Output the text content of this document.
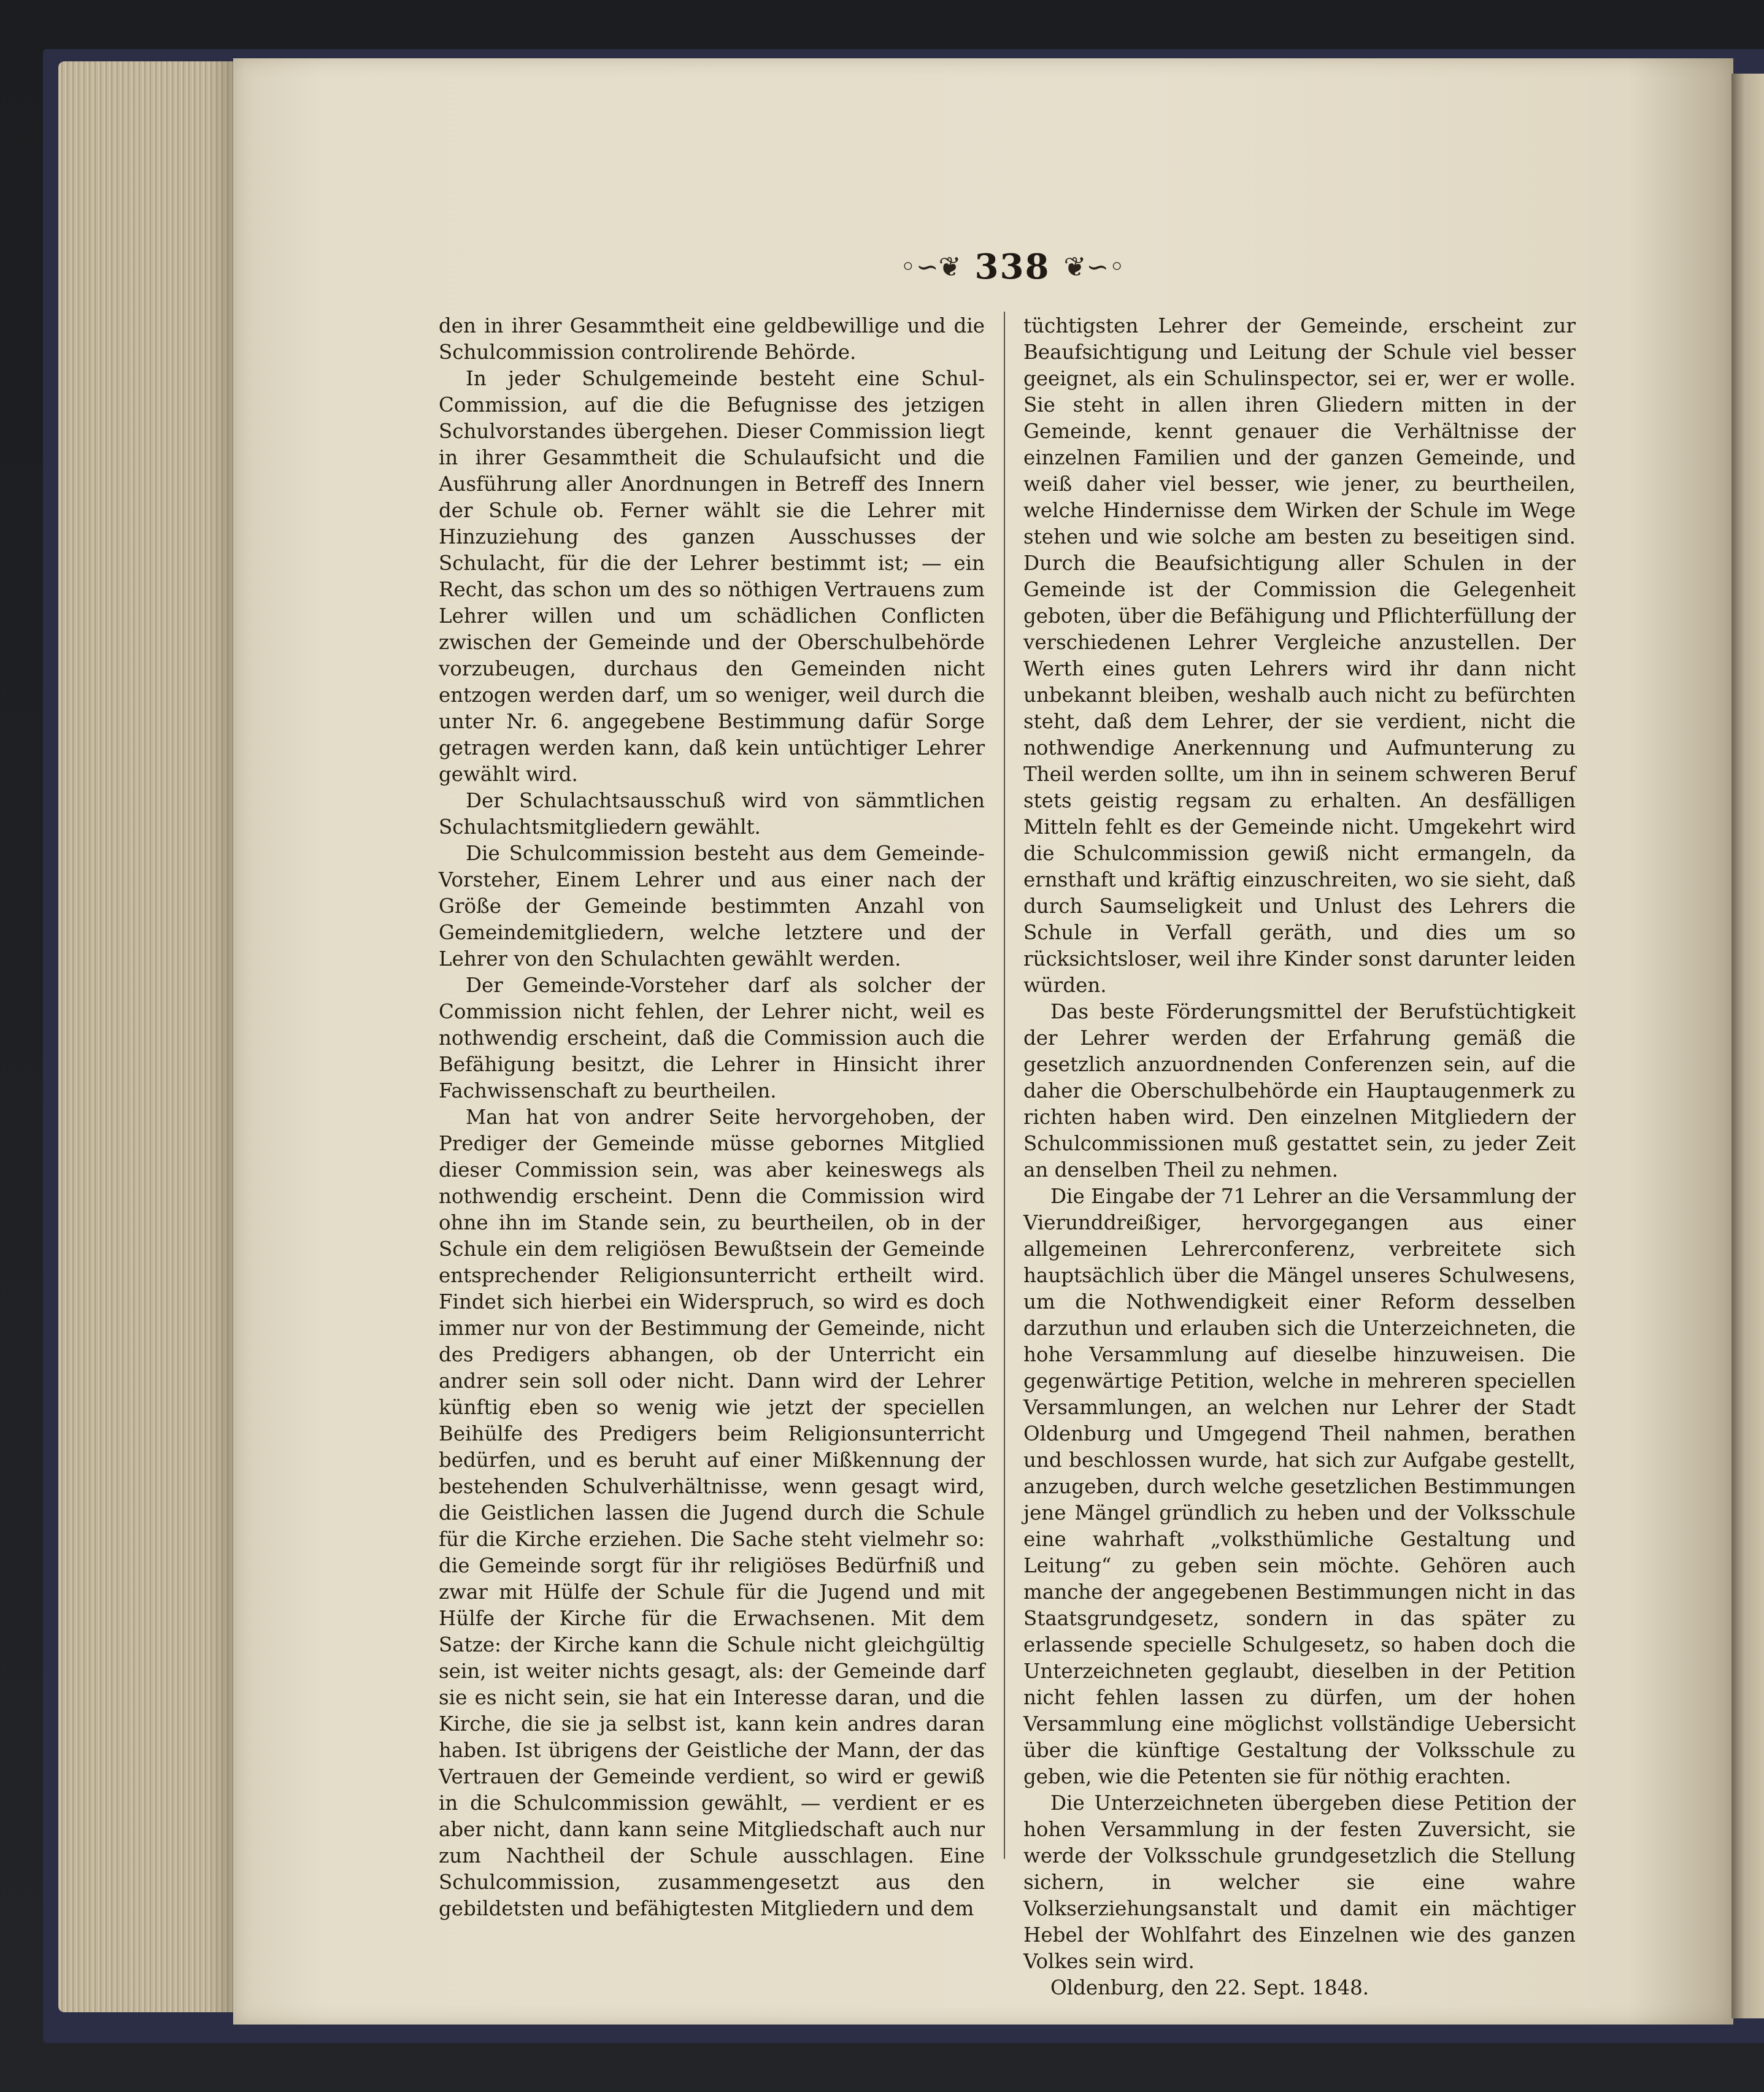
◦∽❦ 338 ❦∽◦

den in ihrer Gesammtheit eine geldbewillige und die Schulcommission controlirende Behörde.

In jeder Schulgemeinde besteht eine Schul-Commission, auf die die Befugnisse des jetzigen Schulvorstandes übergehen. Dieser Commission liegt in ihrer Gesammtheit die Schulaufsicht und die Ausführung aller Anordnungen in Betreff des Innern der Schule ob. Ferner wählt sie die Lehrer mit Hinzuziehung des ganzen Ausschusses der Schulacht, für die der Lehrer bestimmt ist; — ein Recht, das schon um des so nöthigen Vertrauens zum Lehrer willen und um schädlichen Conflicten zwischen der Gemeinde und der Oberschulbehörde vorzubeugen, durchaus den Gemeinden nicht entzogen werden darf, um so weniger, weil durch die unter Nr. 6. angegebene Bestimmung dafür Sorge getragen werden kann, daß kein untüchtiger Lehrer gewählt wird.

Der Schulachtsausschuß wird von sämmtlichen Schulachtsmitgliedern gewählt.

Die Schulcommission besteht aus dem Gemeinde-Vorsteher, Einem Lehrer und aus einer nach der Größe der Gemeinde bestimmten Anzahl von Gemeindemitgliedern, welche letztere und der Lehrer von den Schulachten gewählt werden.

Der Gemeinde-Vorsteher darf als solcher der Commission nicht fehlen, der Lehrer nicht, weil es nothwendig erscheint, daß die Commission auch die Befähigung besitzt, die Lehrer in Hinsicht ihrer Fachwissenschaft zu beurtheilen.

Man hat von andrer Seite hervorgehoben, der Prediger der Gemeinde müsse gebornes Mitglied dieser Commission sein, was aber keineswegs als nothwendig erscheint. Denn die Commission wird ohne ihn im Stande sein, zu beurtheilen, ob in der Schule ein dem religiösen Bewußtsein der Gemeinde entsprechender Religionsunterricht ertheilt wird. Findet sich hierbei ein Widerspruch, so wird es doch immer nur von der Bestimmung der Gemeinde, nicht des Predigers abhangen, ob der Unterricht ein andrer sein soll oder nicht. Dann wird der Lehrer künftig eben so wenig wie jetzt der speciellen Beihülfe des Predigers beim Religionsunterricht bedürfen, und es beruht auf einer Mißkennung der bestehenden Schulverhältnisse, wenn gesagt wird, die Geistlichen lassen die Jugend durch die Schule für die Kirche erziehen. Die Sache steht vielmehr so: die Gemeinde sorgt für ihr religiöses Bedürfniß und zwar mit Hülfe der Schule für die Jugend und mit Hülfe der Kirche für die Erwachsenen. Mit dem Satze: der Kirche kann die Schule nicht gleichgültig sein, ist weiter nichts gesagt, als: der Gemeinde darf sie es nicht sein, sie hat ein Interesse daran, und die Kirche, die sie ja selbst ist, kann kein andres daran haben. Ist übrigens der Geistliche der Mann, der das Vertrauen der Gemeinde verdient, so wird er gewiß in die Schulcommission gewählt, — verdient er es aber nicht, dann kann seine Mitgliedschaft auch nur zum Nachtheil der Schule ausschlagen. Eine Schulcommission, zusammengesetzt aus den gebildetsten und befähigtesten Mitgliedern und dem

tüchtigsten Lehrer der Gemeinde, erscheint zur Beaufsichtigung und Leitung der Schule viel besser geeignet, als ein Schulinspector, sei er, wer er wolle. Sie steht in allen ihren Gliedern mitten in der Gemeinde, kennt genauer die Verhältnisse der einzelnen Familien und der ganzen Gemeinde, und weiß daher viel besser, wie jener, zu beurtheilen, welche Hindernisse dem Wirken der Schule im Wege stehen und wie solche am besten zu beseitigen sind. Durch die Beaufsichtigung aller Schulen in der Gemeinde ist der Commission die Gelegenheit geboten, über die Befähigung und Pflichterfüllung der verschiedenen Lehrer Vergleiche anzustellen. Der Werth eines guten Lehrers wird ihr dann nicht unbekannt bleiben, weshalb auch nicht zu befürchten steht, daß dem Lehrer, der sie verdient, nicht die nothwendige Anerkennung und Aufmunterung zu Theil werden sollte, um ihn in seinem schweren Beruf stets geistig regsam zu erhalten. An desfälligen Mitteln fehlt es der Gemeinde nicht. Umgekehrt wird die Schulcommission gewiß nicht ermangeln, da ernsthaft und kräftig einzuschreiten, wo sie sieht, daß durch Saumseligkeit und Unlust des Lehrers die Schule in Verfall geräth, und dies um so rücksichtsloser, weil ihre Kinder sonst darunter leiden würden.

Das beste Förderungsmittel der Berufstüchtigkeit der Lehrer werden der Erfahrung gemäß die gesetzlich anzuordnenden Conferenzen sein, auf die daher die Oberschulbehörde ein Hauptaugenmerk zu richten haben wird. Den einzelnen Mitgliedern der Schulcommissionen muß gestattet sein, zu jeder Zeit an denselben Theil zu nehmen.

Die Eingabe der 71 Lehrer an die Versammlung der Vierunddreißiger, hervorgegangen aus einer allgemeinen Lehrerconferenz, verbreitete sich hauptsächlich über die Mängel unseres Schulwesens, um die Nothwendigkeit einer Reform desselben darzuthun und erlauben sich die Unterzeichneten, die hohe Versammlung auf dieselbe hinzuweisen. Die gegenwärtige Petition, welche in mehreren speciellen Versammlungen, an welchen nur Lehrer der Stadt Oldenburg und Umgegend Theil nahmen, berathen und beschlossen wurde, hat sich zur Aufgabe gestellt, anzugeben, durch welche gesetzlichen Bestimmungen jene Mängel gründlich zu heben und der Volksschule eine wahrhaft „volksthümliche Gestaltung und Leitung“ zu geben sein möchte. Gehören auch manche der angegebenen Bestimmungen nicht in das Staatsgrundgesetz, sondern in das später zu erlassende specielle Schulgesetz, so haben doch die Unterzeichneten geglaubt, dieselben in der Petition nicht fehlen lassen zu dürfen, um der hohen Versammlung eine möglichst vollständige Uebersicht über die künftige Gestaltung der Volksschule zu geben, wie die Petenten sie für nöthig erachten.

Die Unterzeichneten übergeben diese Petition der hohen Versammlung in der festen Zuversicht, sie werde der Volksschule grundgesetzlich die Stellung sichern, in welcher sie eine wahre Volkserziehungsanstalt und damit ein mächtiger Hebel der Wohlfahrt des Einzelnen wie des ganzen Volkes sein wird.

Oldenburg, den 22. Sept. 1848.
